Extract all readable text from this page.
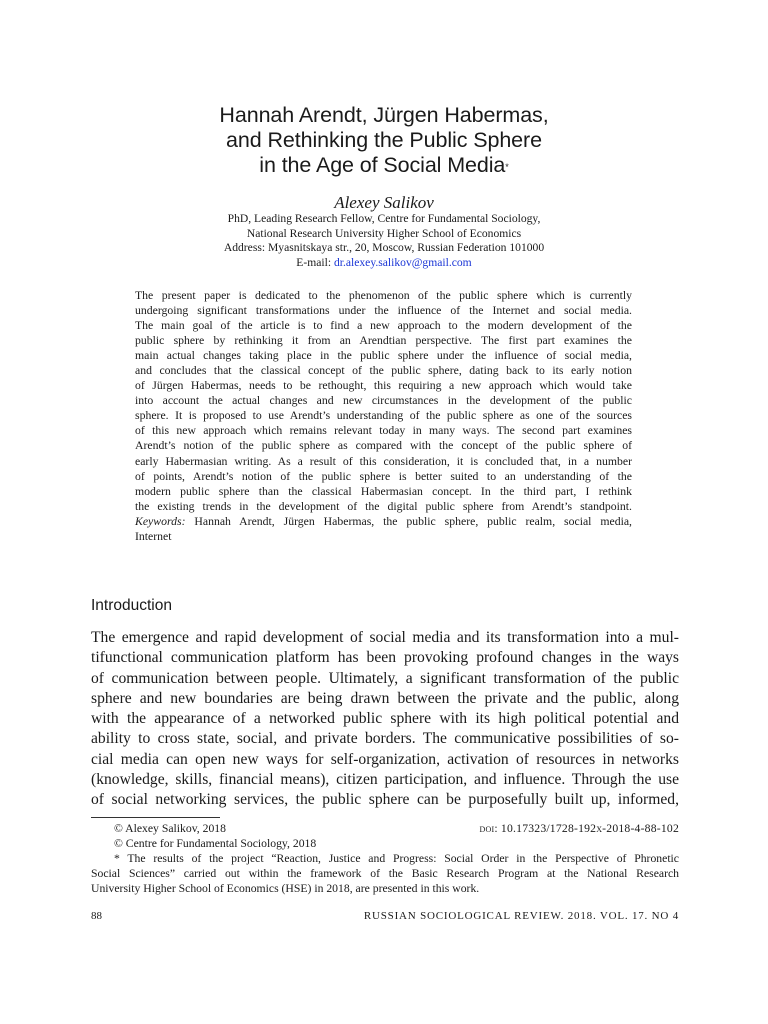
Hannah Arendt, Jürgen Habermas,
and Rethinking the Public Sphere
in the Age of Social Media*
Alexey Salikov
PhD, Leading Research Fellow, Centre for Fundamental Sociology,
National Research University Higher School of Economics
Address: Myasnitskaya str., 20, Moscow, Russian Federation 101000
E-mail: dr.alexey.salikov@gmail.com
The present paper is dedicated to the phenomenon of the public sphere which is currently
undergoing significant transformations under the influence of the Internet and social media.
The main goal of the article is to find a new approach to the modern development of the
public sphere by rethinking it from an Arendtian perspective. The first part examines the
main actual changes taking place in the public sphere under the influence of social media,
and concludes that the classical concept of the public sphere, dating back to its early notion
of Jürgen Habermas, needs to be rethought, this requiring a new approach which would take
into account the actual changes and new circumstances in the development of the public
sphere. It is proposed to use Arendt’s understanding of the public sphere as one of the sources
of this new approach which remains relevant today in many ways. The second part examines
Arendt’s notion of the public sphere as compared with the concept of the public sphere of
early Habermasian writing. As a result of this consideration, it is concluded that, in a number
of points, Arendt’s notion of the public sphere is better suited to an understanding of the
modern public sphere than the classical Habermasian concept. In the third part, I rethink
the existing trends in the development of the digital public sphere from Arendt’s standpoint.
Keywords: Hannah Arendt, Jürgen Habermas, the public sphere, public realm, social media,
Internet
Introduction
The emergence and rapid development of social media and its transformation into a mul-
tifunctional communication platform has been provoking profound changes in the ways
of communication between people. Ultimately, a significant transformation of the public
sphere and new boundaries are being drawn between the private and the public, along
with the appearance of a networked public sphere with its high political potential and
ability to cross state, social, and private borders. The communicative possibilities of so-
cial media can open new ways for self-organization, activation of resources in networks
(knowledge, skills, financial means), citizen participation, and influence. Through the use
of social networking services, the public sphere can be purposefully built up, informed,
© Alexey Salikov, 2018	doi: 10.17323/1728-192x-2018-4-88-102
© Centre for Fundamental Sociology, 2018
* The results of the project “Reaction, Justice and Progress: Social Order in the Perspective of Phronetic
Social Sciences” carried out within the framework of the Basic Research Program at the National Research
University Higher School of Economics (HSE) in 2018, are presented in this work.
88	RUSSIAN SOCIOLOGICAL REVIEW. 2018. VOL. 17. NO 4
